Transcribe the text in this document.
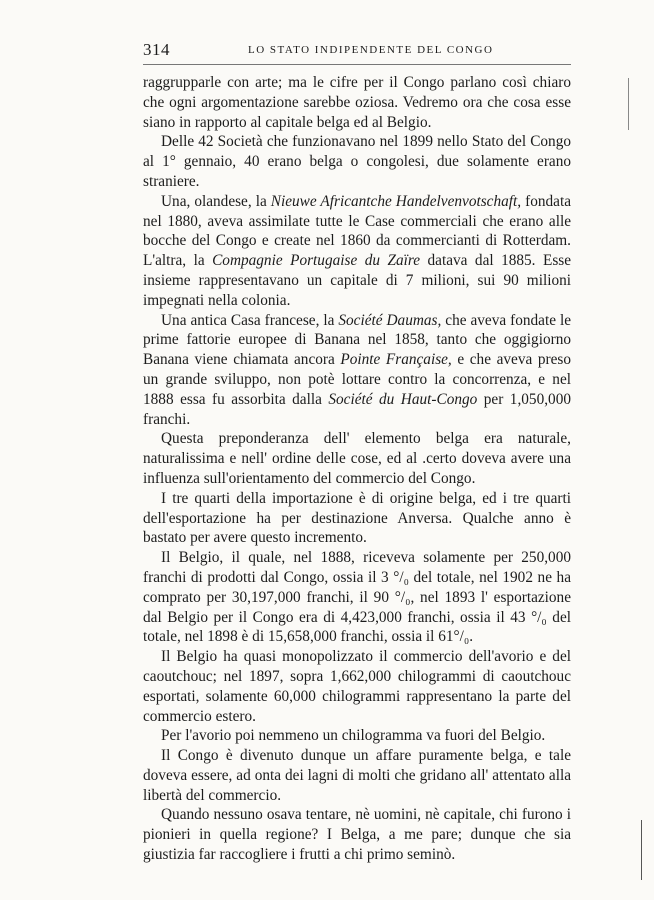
314	LO STATO INDIPENDENTE DEL CONGO

raggrupparle con arte; ma le cifre per il Congo parlano così chiaro che ogni argomentazione sarebbe oziosa. Vedremo ora che cosa esse siano in rapporto al capitale belga ed al Belgio.

Delle 42 Società che funzionavano nel 1899 nello Stato del Congo al 1° gennaio, 40 erano belga o congolesi, due solamente erano straniere.

Una, olandese, la Nieuwe Africantche Handelvenvotschaft, fondata nel 1880, aveva assimilate tutte le Case commerciali che erano alle bocche del Congo e create nel 1860 da commercianti di Rotterdam. L'altra, la Compagnie Portugaise du Zaïre datava dal 1885. Esse insieme rappresentavano un capitale di 7 milioni, sui 90 milioni impegnati nella colonia.

Una antica Casa francese, la Société Daumas, che aveva fondate le prime fattorie europee di Banana nel 1858, tanto che oggigiorno Banana viene chiamata ancora Pointe Française, e che aveva preso un grande sviluppo, non potè lottare contro la concorrenza, e nel 1888 essa fu assorbita dalla Société du Haut-Congo per 1,050,000 franchi.

Questa preponderanza dell' elemento belga era naturale, naturalissima e nell' ordine delle cose, ed al .certo doveva avere una influenza sull'orientamento del commercio del Congo.

I tre quarti della importazione è di origine belga, ed i tre quarti dell'esportazione ha per destinazione Anversa. Qualche anno è bastato per avere questo incremento.

Il Belgio, il quale, nel 1888, riceveva solamente per 250,000 franchi di prodotti dal Congo, ossia il 3 °/₀ del totale, nel 1902 ne ha comprato per 30,197,000 franchi, il 90 °/₀, nel 1893 l' esportazione dal Belgio per il Congo era di 4,423,000 franchi, ossia il 43 °/₀ del totale, nel 1898 è di 15,658,000 franchi, ossia il 61°/₀.

Il Belgio ha quasi monopolizzato il commercio dell'avorio e del caoutchouc; nel 1897, sopra 1,662,000 chilogrammi di caoutchouc esportati, solamente 60,000 chilogrammi rappresentano la parte del commercio estero.

Per l'avorio poi nemmeno un chilogramma va fuori del Belgio.

Il Congo è divenuto dunque un affare puramente belga, e tale doveva essere, ad onta dei lagni di molti che gridano all' attentato alla libertà del commercio.

Quando nessuno osava tentare, nè uomini, nè capitale, chi furono i pionieri in quella regione? I Belga, a me pare; dunque che sia giustizia far raccogliere i frutti a chi primo seminò.
